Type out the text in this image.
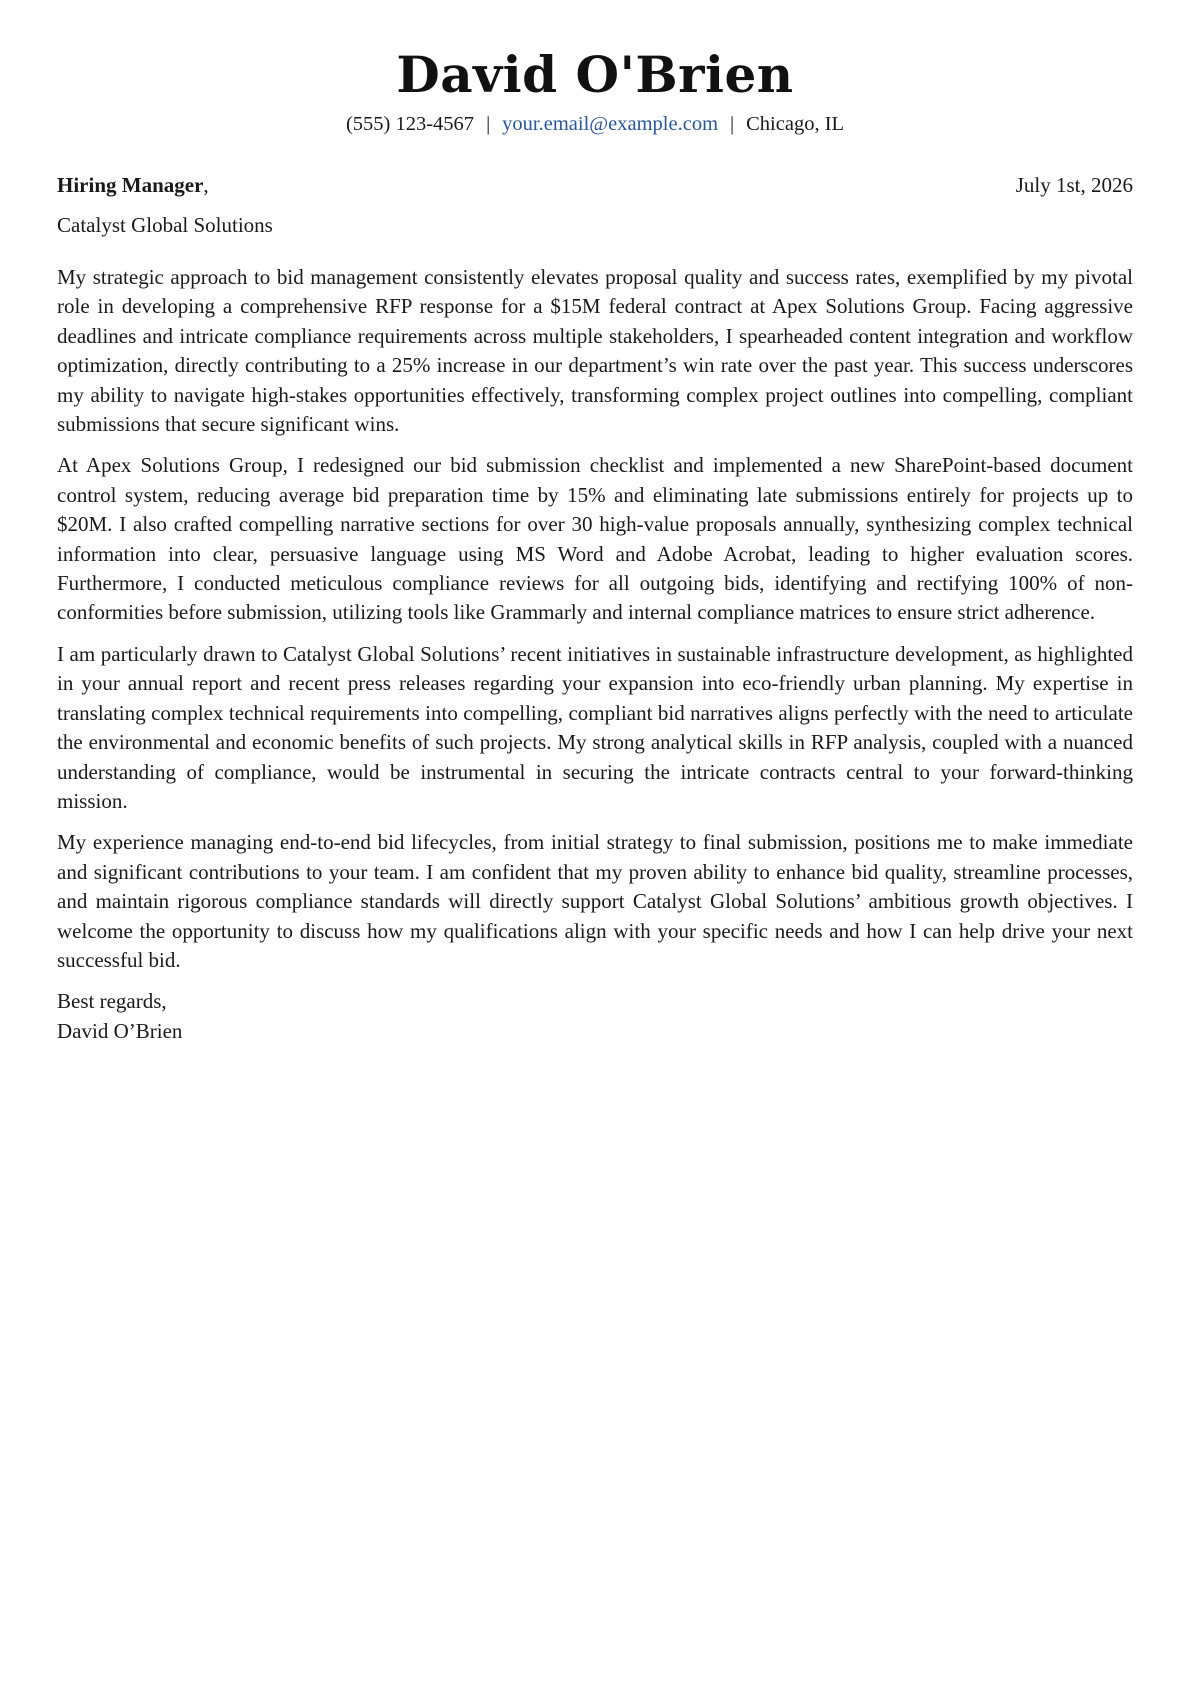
David O'Brien
(555) 123-4567 | your.email@example.com | Chicago, IL
Hiring Manager,	July 1st, 2026
Catalyst Global Solutions

My strategic approach to bid management consistently elevates proposal quality and success rates, exemplified by my pivotal role in developing a comprehensive RFP response for a $15M federal contract at Apex Solutions Group. Facing aggressive deadlines and intricate compliance requirements across multiple stakeholders, I spearheaded content integration and workflow optimization, directly contributing to a 25% increase in our department’s win rate over the past year. This success underscores my ability to navigate high-stakes opportunities effectively, transforming complex project outlines into compelling, compliant submissions that secure significant wins.

At Apex Solutions Group, I redesigned our bid submission checklist and implemented a new SharePoint-based document control system, reducing average bid preparation time by 15% and eliminating late submissions entirely for projects up to $20M. I also crafted compelling narrative sections for over 30 high-value proposals annually, synthesizing complex technical information into clear, persuasive language using MS Word and Adobe Acrobat, leading to higher evaluation scores. Furthermore, I conducted meticulous compliance reviews for all outgoing bids, identifying and rectifying 100% of non-conformities before submission, utilizing tools like Grammarly and internal compliance matrices to ensure strict adherence.

I am particularly drawn to Catalyst Global Solutions’ recent initiatives in sustainable infrastructure development, as highlighted in your annual report and recent press releases regarding your expansion into eco-friendly urban planning. My expertise in translating complex technical requirements into compelling, compliant bid narratives aligns perfectly with the need to articulate the environmental and economic benefits of such projects. My strong analytical skills in RFP analysis, coupled with a nuanced understanding of compliance, would be instrumental in securing the intricate contracts central to your forward-thinking mission.

My experience managing end-to-end bid lifecycles, from initial strategy to final submission, positions me to make immediate and significant contributions to your team. I am confident that my proven ability to enhance bid quality, streamline processes, and maintain rigorous compliance standards will directly support Catalyst Global Solutions’ ambitious growth objectives. I welcome the opportunity to discuss how my qualifications align with your specific needs and how I can help drive your next successful bid.

Best regards,
David O’Brien
